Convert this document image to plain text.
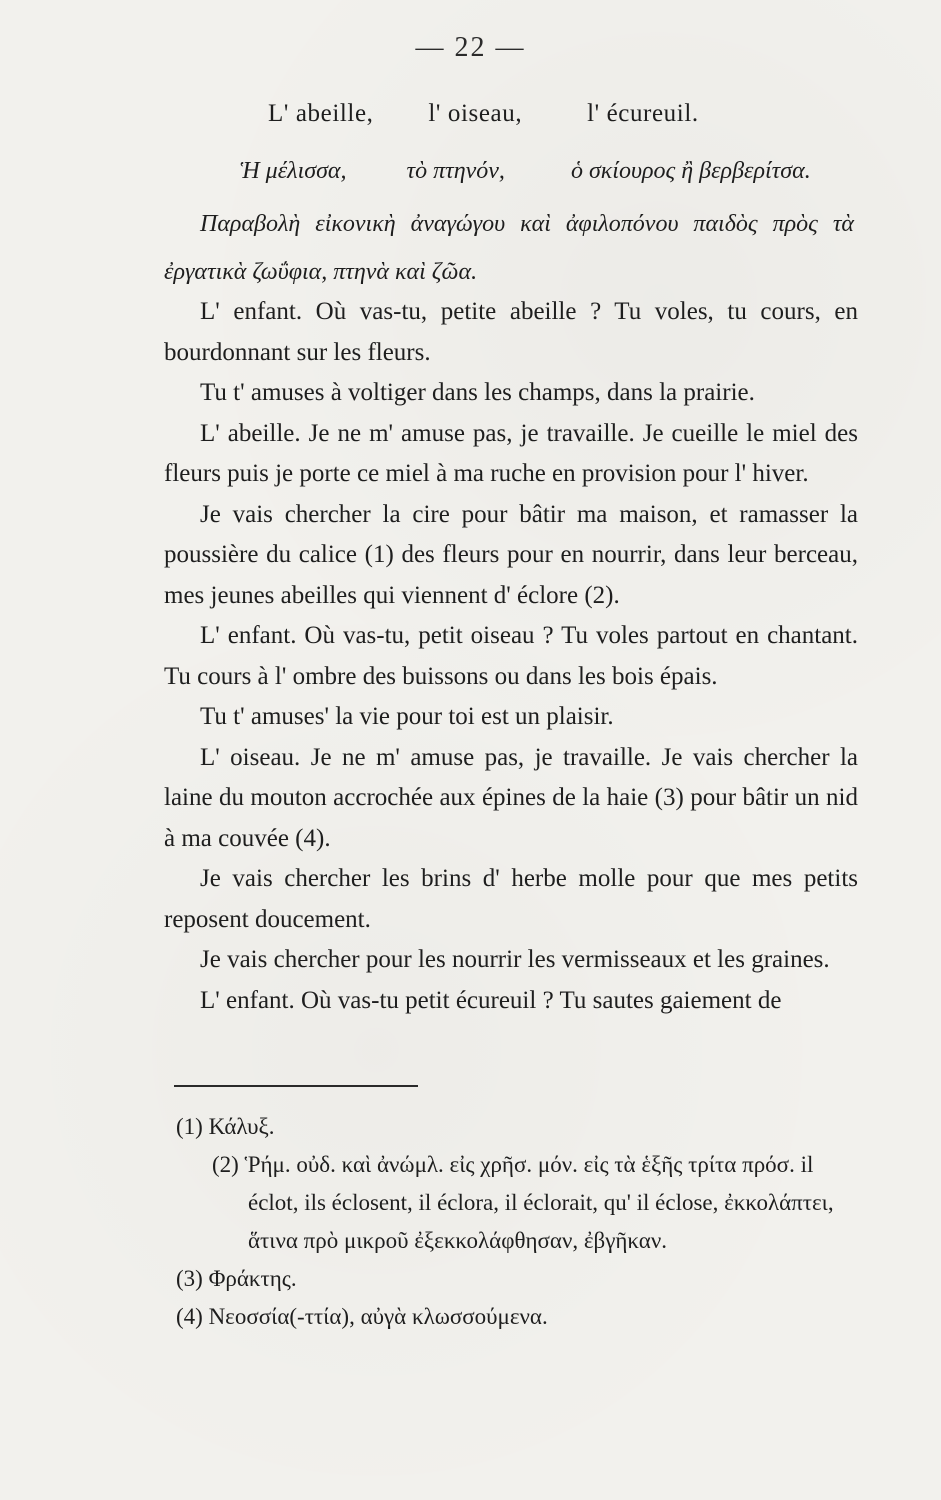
— 22 —
L' abeille, l' oiseau,	l' écureuil.
Ἡ μέλισσα,	τὸ πτηνόν,	ὁ σκίουρος ἢ βερβερίτσα.
Παραβολὴ εἰκονικὴ ἀναγώγου καὶ ἀφιλοπόνου παιδὸς πρὸς τὰ ἐργατικὰ ζωΰφια, πτηνὰ καὶ ζῶα.

L' enfant. Où vas-tu, petite abeille ? Tu voles, tu cours, en bourdonnant sur les fleurs.

Tu t' amuses à voltiger dans les champs, dans la prairie.

L' abeille. Je ne m' amuse pas, je travaille. Je cueille le miel des fleurs puis je porte ce miel à ma ruche en provision pour l' hiver.

Je vais chercher la cire pour bâtir ma maison, et ramasser la poussière du calice (1) des fleurs pour en nourrir, dans leur berceau, mes jeunes abeilles qui viennent d' éclore (2).

L' enfant. Où vas-tu, petit oiseau ? Tu voles partout en chantant. Tu cours à l' ombre des buissons ou dans les bois épais.

Tu t' amuses' la vie pour toi est un plaisir.

L' oiseau. Je ne m' amuse pas, je travaille. Je vais chercher la laine du mouton accrochée aux épines de la haie (3) pour bâtir un nid à ma couvée (4).

Je vais chercher les brins d' herbe molle pour que mes petits reposent doucement.

Je vais chercher pour les nourrir les vermisseaux et les graines.

L' enfant. Où vas-tu petit écureuil ? Tu sautes gaiement de

(1) Κάλυξ.

(2) Ῥήμ. οὐδ. καὶ ἀνώμλ. εἰς χρῆσ. μόν. εἰς τὰ ἑξῆς τρίτα πρόσ. il éclot, ils éclosent, il éclora, il éclorait, qu' il éclose, ἐκκολάπτει, ἅτινα πρὸ μικροῦ ἐξεκκολάφθησαν, ἐβγῆκαν.

(3) Φράκτης.

(4) Νεοσσία(-ττία), αὐγὰ κλωσσούμενα.
